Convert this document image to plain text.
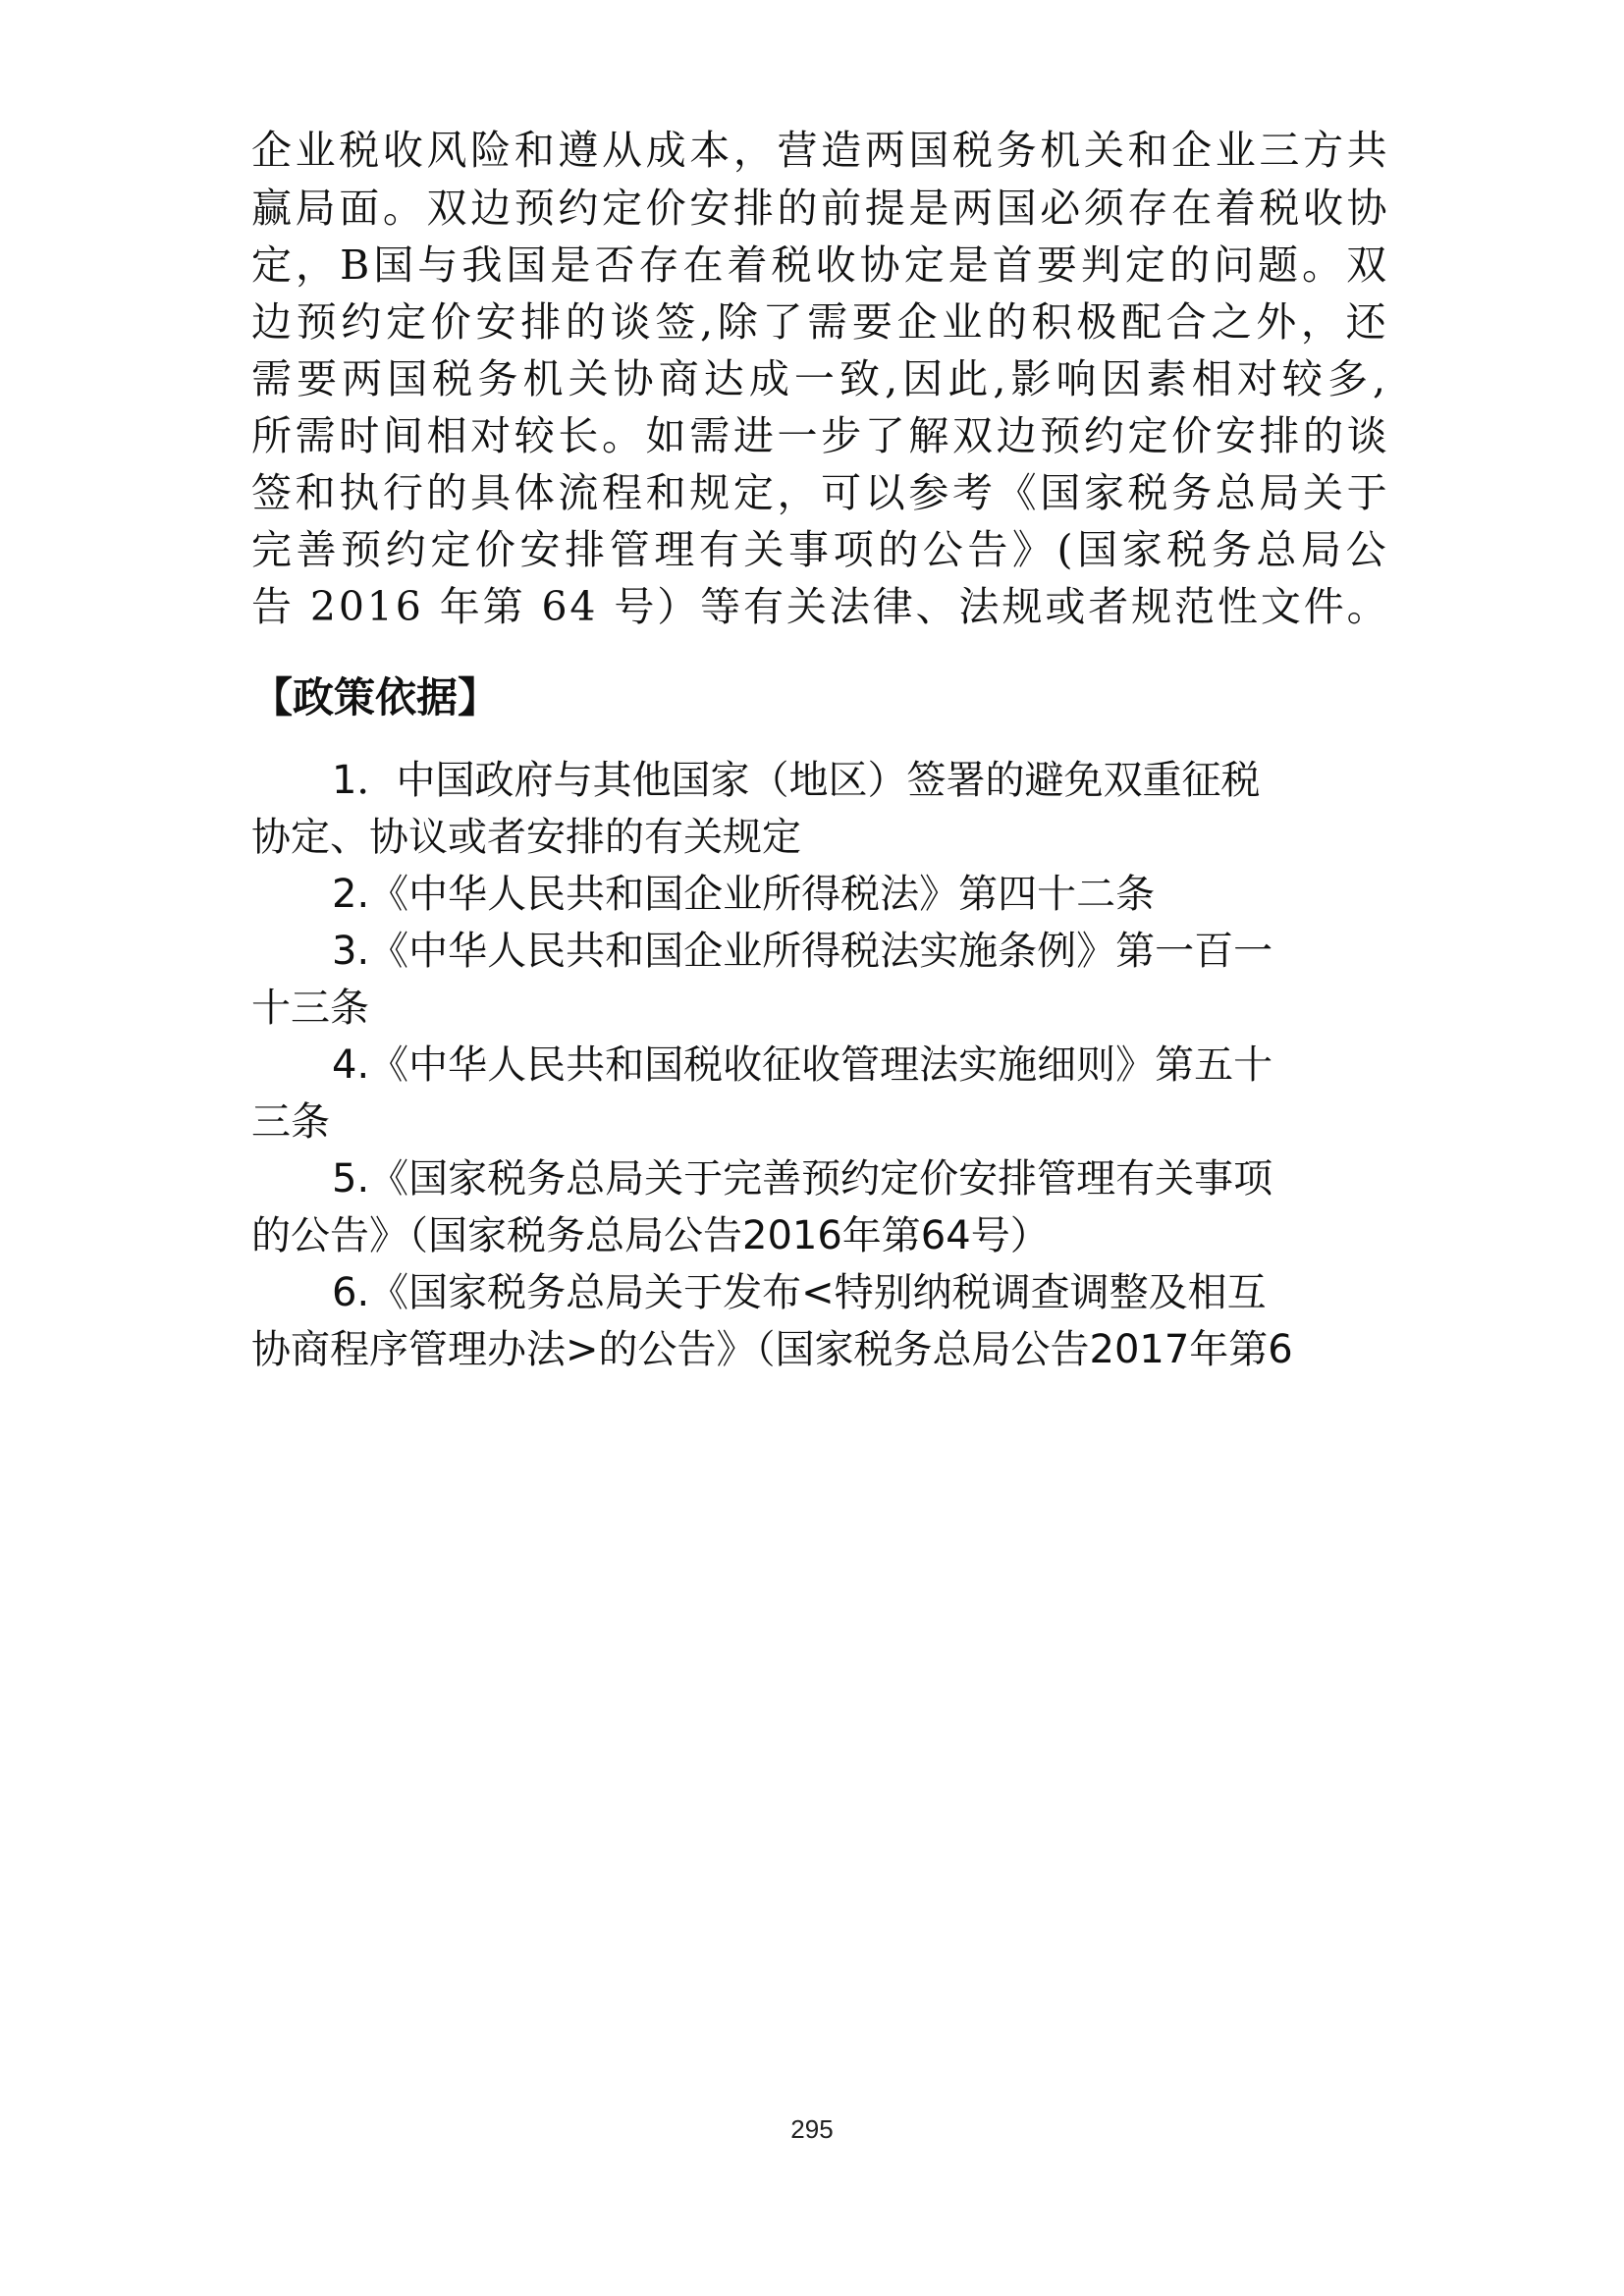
企业税收风险和遵从成本，营造两国税务机关和企业三方共
赢局面。双边预约定价安排的前提是两国必须存在着税收协
定，B国与我国是否存在着税收协定是首要判定的问题。双
边预约定价安排的谈签,除了需要企业的积极配合之外，还
需要两国税务机关协商达成一致,因此,影响因素相对较多,
所需时间相对较长。如需进一步了解双边预约定价安排的谈
签和执行的具体流程和规定，可以参考《国家税务总局关于
完善预约定价安排管理有关事项的公告》(国家税务总局公
告 2016 年第 64 号）等有关法律、法规或者规范性文件。
【政策依据】
1．中国政府与其他国家（地区）签署的避免双重征税
协定、协议或者安排的有关规定
2.《中华人民共和国企业所得税法》第四十二条
3.《中华人民共和国企业所得税法实施条例》第一百一
十三条
4.《中华人民共和国税收征收管理法实施细则》第五十
三条
5.《国家税务总局关于完善预约定价安排管理有关事项
的公告》（国家税务总局公告2016年第64号）
6.《国家税务总局关于发布<特别纳税调查调整及相互
协商程序管理办法>的公告》（国家税务总局公告2017年第6
295
